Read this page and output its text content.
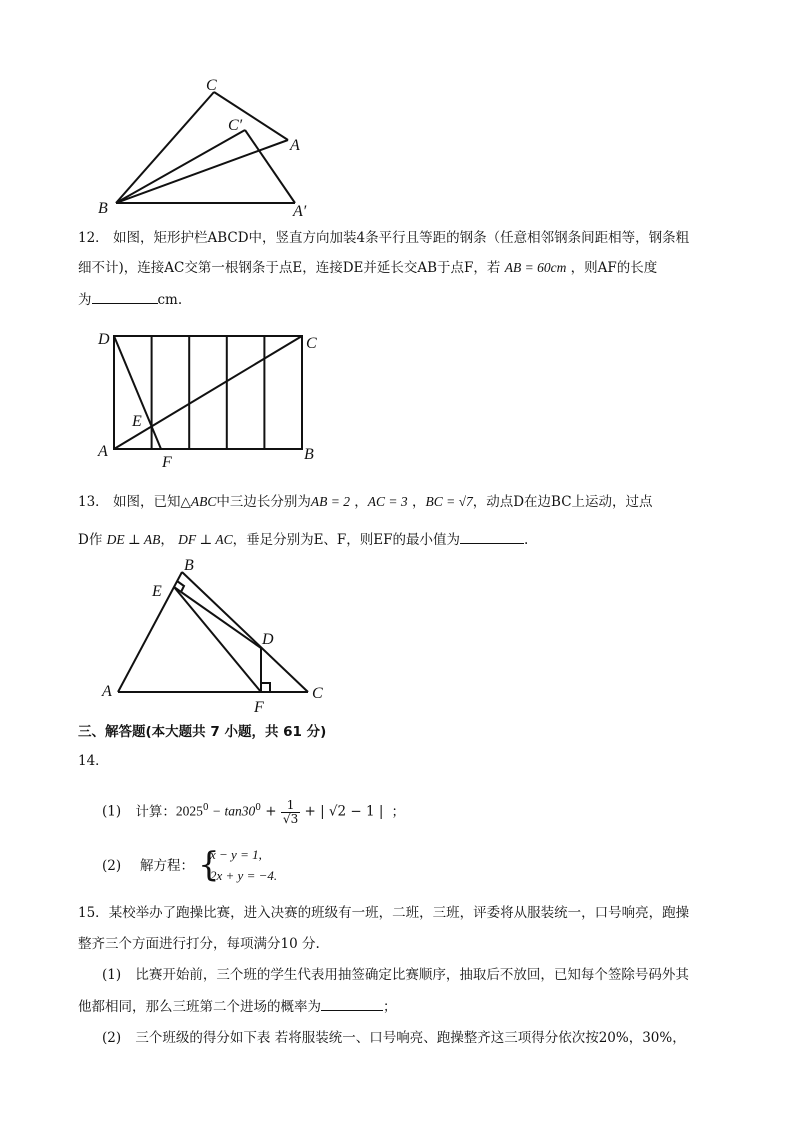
C
C′
A
B	A′
12． 如图，矩形护栏ABCD中，竖直方向加装4条平行且等距的钢条（任意相邻钢条间距相等，钢条粗
细不计)，连接AC交第一根钢条于点E，连接DE并延长交AB于点F，若 AB = 60cm ，则AF的长度
为	cm.
D	C
E
A
F	B
13． 如图，已知△ABC中三边长分别为AB = 2 ，AC = 3 ，BC = √7，动点D在边BC上运动，过点
D作 DE ⊥ AB， DF ⊥ AC，垂足分别为E、F，则EF的最小值为	.
B
E
D
A
F
C
三、解答题(本大题共 7 小题，共 61 分)
14．
(1) 计算：$2025^0 - \tan 30^0 + \frac{1}{√3}$ + | √2 − 1 | ；
(2) 解方程： {
x − y = 1,
2x + y = −4.
15．某校举办了跑操比赛，进入决赛的班级有一班，二班，三班，评委将从服装统一，口号响亮，跑操
整齐三个方面进行打分，每项满分10 分.
(1) 比赛开始前，三个班的学生代表用抽签确定比赛顺序，抽取后不放回，已知每个签除号码外其
他都相同，那么三班第二个进场的概率为	；
(2) 三个班级的得分如下表 若将服装统一、口号响亮、跑操整齐这三项得分依次按20%，30%，
